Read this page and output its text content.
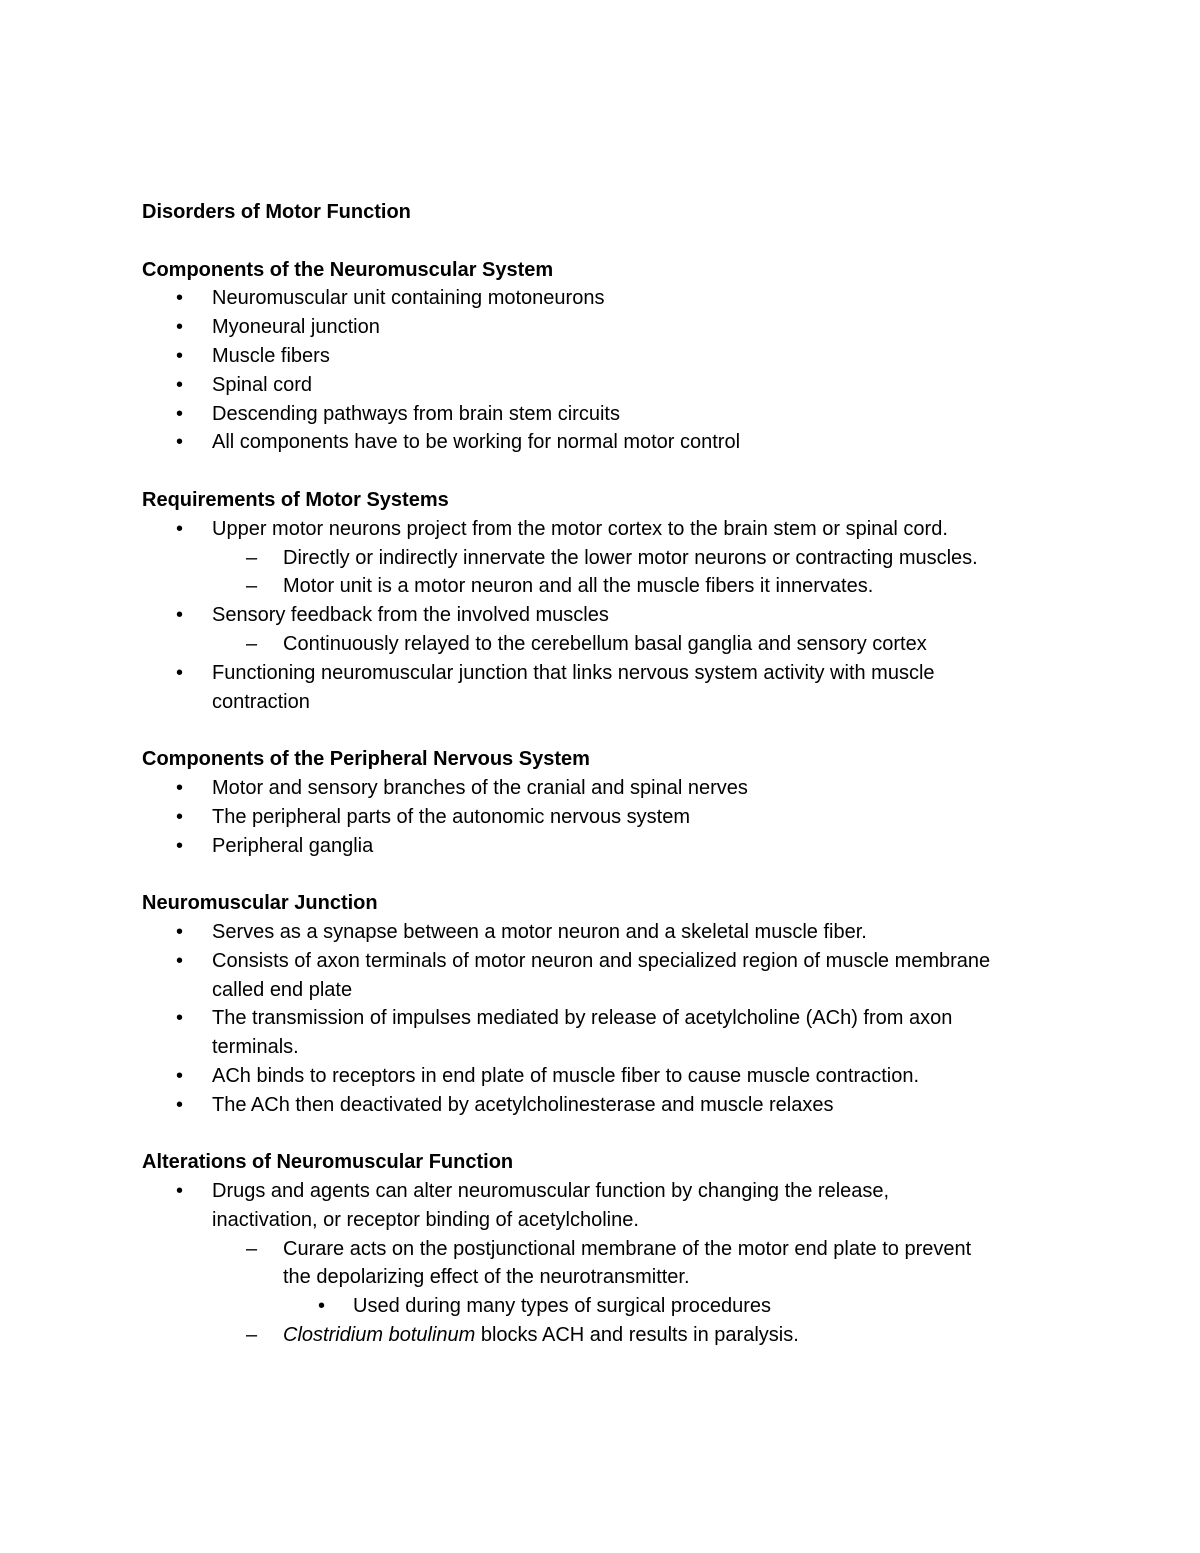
Disorders of Motor Function
Components of the Neuromuscular System
• Neuromuscular unit containing motoneurons
• Myoneural junction
• Muscle fibers
• Spinal cord
• Descending pathways from brain stem circuits
• All components have to be working for normal motor control
Requirements of Motor Systems
• Upper motor neurons project from the motor cortex to the brain stem or spinal cord.
– Directly or indirectly innervate the lower motor neurons or contracting muscles.
– Motor unit is a motor neuron and all the muscle fibers it innervates.
• Sensory feedback from the involved muscles
– Continuously relayed to the cerebellum basal ganglia and sensory cortex
• Functioning neuromuscular junction that links nervous system activity with muscle
contraction
Components of the Peripheral Nervous System
• Motor and sensory branches of the cranial and spinal nerves
• The peripheral parts of the autonomic nervous system
• Peripheral ganglia
Neuromuscular Junction
• Serves as a synapse between a motor neuron and a skeletal muscle fiber.
• Consists of axon terminals of motor neuron and specialized region of muscle membrane
called end plate
• The transmission of impulses mediated by release of acetylcholine (ACh) from axon
terminals.
• ACh binds to receptors in end plate of muscle fiber to cause muscle contraction.
• The ACh then deactivated by acetylcholinesterase and muscle relaxes
Alterations of Neuromuscular Function
• Drugs and agents can alter neuromuscular function by changing the release,
inactivation, or receptor binding of acetylcholine.
– Curare acts on the postjunctional membrane of the motor end plate to prevent
the depolarizing effect of the neurotransmitter.
• Used during many types of surgical procedures
– Clostridium botulinum blocks ACH and results in paralysis.
